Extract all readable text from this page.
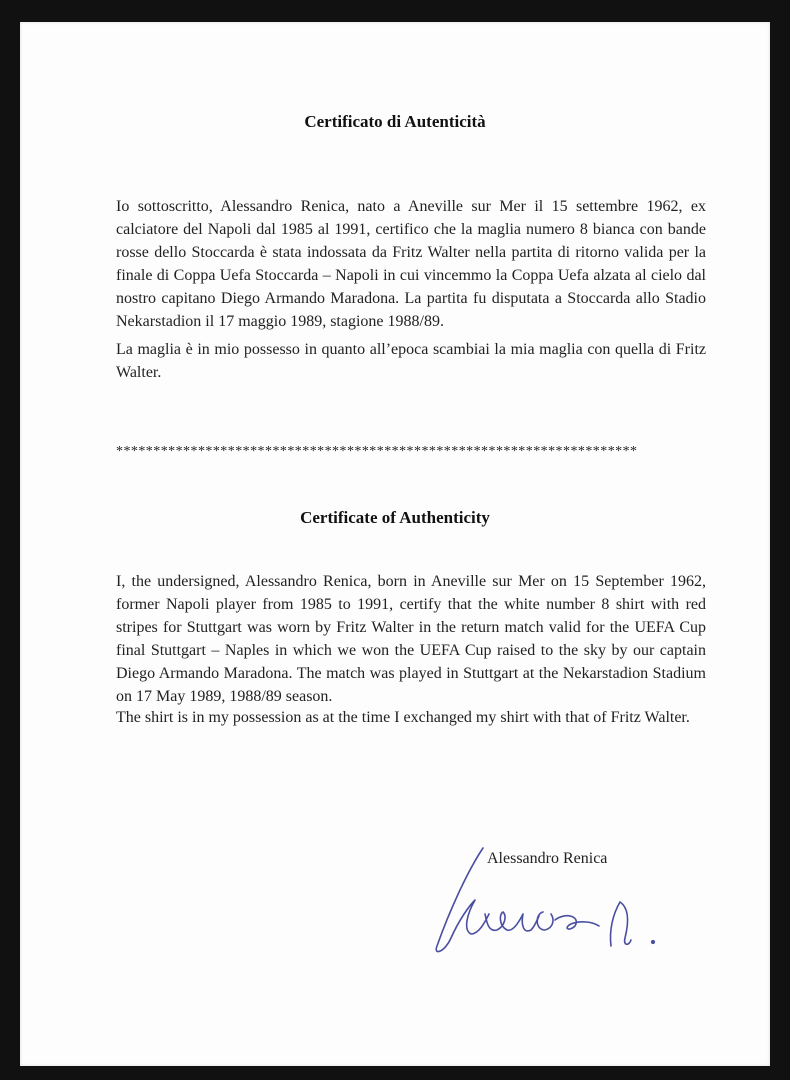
Certificato di Autenticità
Io sottoscritto, Alessandro Renica, nato a Aneville sur Mer il 15 settembre 1962, ex calciatore del Napoli dal 1985 al 1991, certifico che la maglia numero 8 bianca con bande rosse dello Stoccarda è stata indossata da Fritz Walter nella partita di ritorno valida per la finale di Coppa Uefa Stoccarda – Napoli in cui vincemmo la Coppa Uefa alzata al cielo dal nostro capitano Diego Armando Maradona. La partita fu disputata a Stoccarda allo Stadio Nekarstadion il 17 maggio 1989, stagione 1988/89.
La maglia è in mio possesso in quanto all’epoca scambiai la mia maglia con quella di Fritz Walter.
**********************************************************************
Certificate of Authenticity
I, the undersigned, Alessandro Renica, born in Aneville sur Mer on 15 September 1962, former Napoli player from 1985 to 1991, certify that the white number 8 shirt with red stripes for Stuttgart was worn by Fritz Walter in the return match valid for the UEFA Cup final Stuttgart – Naples in which we won the UEFA Cup raised to the sky by our captain Diego Armando Maradona. The match was played in Stuttgart at the Nekarstadion Stadium on 17 May 1989, 1988/89 season.
The shirt is in my possession as at the time I exchanged my shirt with that of Fritz Walter.
Alessandro Renica
